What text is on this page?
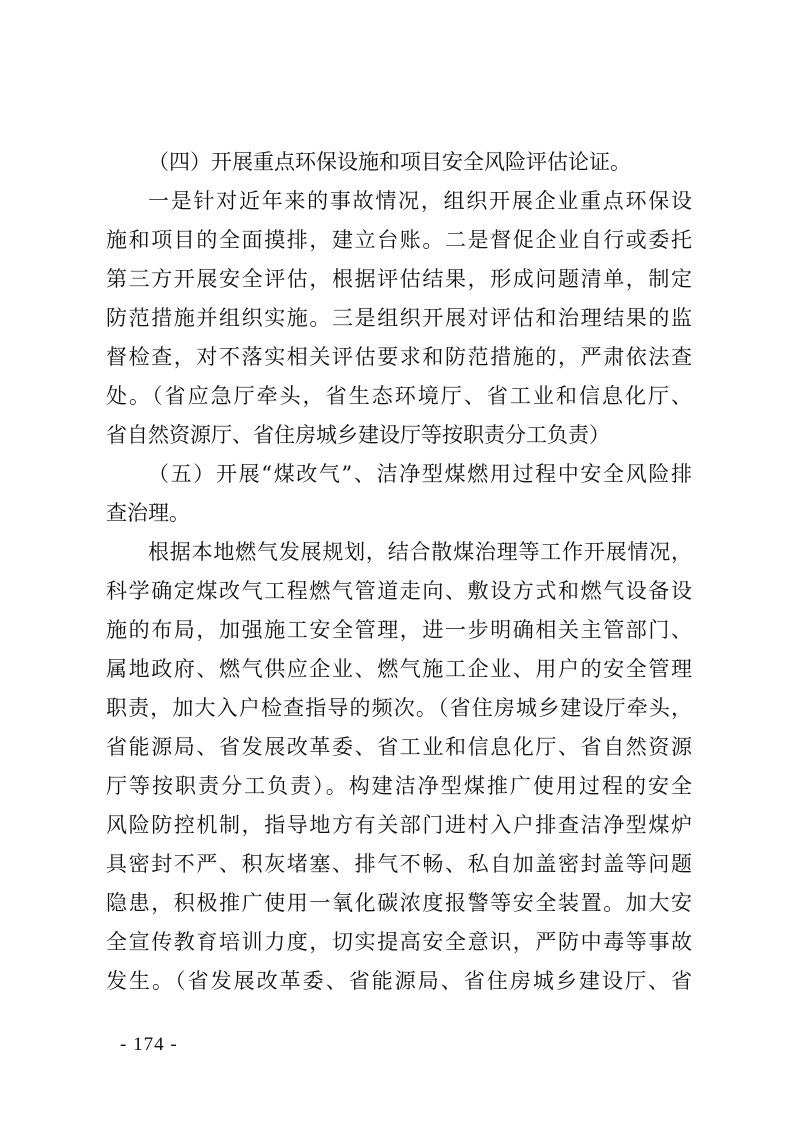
（四）开展重点环保设施和项目安全风险评估论证。
一是针对近年来的事故情况，组织开展企业重点环保设
施和项目的全面摸排，建立台账。二是督促企业自行或委托
第三方开展安全评估，根据评估结果，形成问题清单，制定
防范措施并组织实施。三是组织开展对评估和治理结果的监
督检查，对不落实相关评估要求和防范措施的，严肃依法查
处。（省应急厅牵头，省生态环境厅、省工业和信息化厅、
省自然资源厅、省住房城乡建设厅等按职责分工负责）
（五）开展“煤改气”、洁净型煤燃用过程中安全风险排
查治理。
根据本地燃气发展规划，结合散煤治理等工作开展情况，
科学确定煤改气工程燃气管道走向、敷设方式和燃气设备设
施的布局，加强施工安全管理，进一步明确相关主管部门、
属地政府、燃气供应企业、燃气施工企业、用户的安全管理
职责，加大入户检查指导的频次。（省住房城乡建设厅牵头，
省能源局、省发展改革委、省工业和信息化厅、省自然资源
厅等按职责分工负责）。构建洁净型煤推广使用过程的安全
风险防控机制，指导地方有关部门进村入户排查洁净型煤炉
具密封不严、积灰堵塞、排气不畅、私自加盖密封盖等问题
隐患，积极推广使用一氧化碳浓度报警等安全装置。加大安
全宣传教育培训力度，切实提高安全意识，严防中毒等事故
发生。（省发展改革委、省能源局、省住房城乡建设厅、省
- 174 -
